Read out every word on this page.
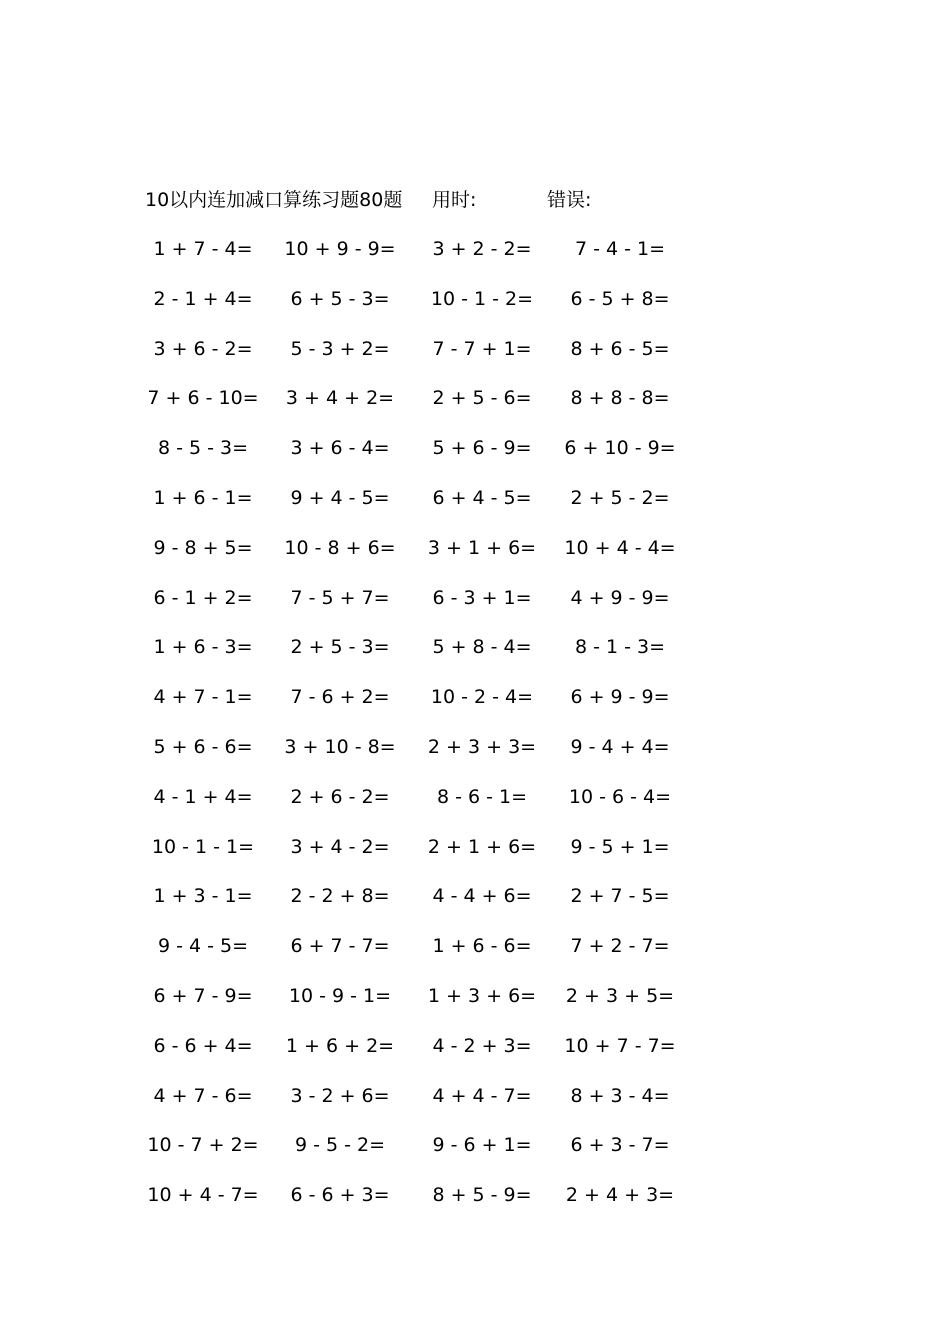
10以内连加减口算练习题80题 用时:	错误:
1 + 7 - 4=	10 + 9 - 9=	3 + 2 - 2=	7 - 4 - 1=
2 - 1 + 4=	6 + 5 - 3=	10 - 1 - 2=	6 - 5 + 8=
3 + 6 - 2=	5 - 3 + 2=	7 - 7 + 1=	8 + 6 - 5=
7 + 6 - 10=	3 + 4 + 2=	2 + 5 - 6=	8 + 8 - 8=
8 - 5 - 3=	3 + 6 - 4=	5 + 6 - 9=	6 + 10 - 9=
1 + 6 - 1=	9 + 4 - 5=	6 + 4 - 5=	2 + 5 - 2=
9 - 8 + 5=	10 - 8 + 6=	3 + 1 + 6=	10 + 4 - 4=
6 - 1 + 2=	7 - 5 + 7=	6 - 3 + 1=	4 + 9 - 9=
1 + 6 - 3=	2 + 5 - 3=	5 + 8 - 4=	8 - 1 - 3=
4 + 7 - 1=	7 - 6 + 2=	10 - 2 - 4=	6 + 9 - 9=
5 + 6 - 6=	3 + 10 - 8=	2 + 3 + 3=	9 - 4 + 4=
4 - 1 + 4=	2 + 6 - 2=	8 - 6 - 1=	10 - 6 - 4=
10 - 1 - 1=	3 + 4 - 2=	2 + 1 + 6=	9 - 5 + 1=
1 + 3 - 1=	2 - 2 + 8=	4 - 4 + 6=	2 + 7 - 5=
9 - 4 - 5=	6 + 7 - 7=	1 + 6 - 6=	7 + 2 - 7=
6 + 7 - 9=	10 - 9 - 1=	1 + 3 + 6=	2 + 3 + 5=
6 - 6 + 4=	1 + 6 + 2=	4 - 2 + 3=	10 + 7 - 7=
4 + 7 - 6=	3 - 2 + 6=	4 + 4 - 7=	8 + 3 - 4=
10 - 7 + 2=	9 - 5 - 2=	9 - 6 + 1=	6 + 3 - 7=
10 + 4 - 7=	6 - 6 + 3=	8 + 5 - 9=	2 + 4 + 3=
